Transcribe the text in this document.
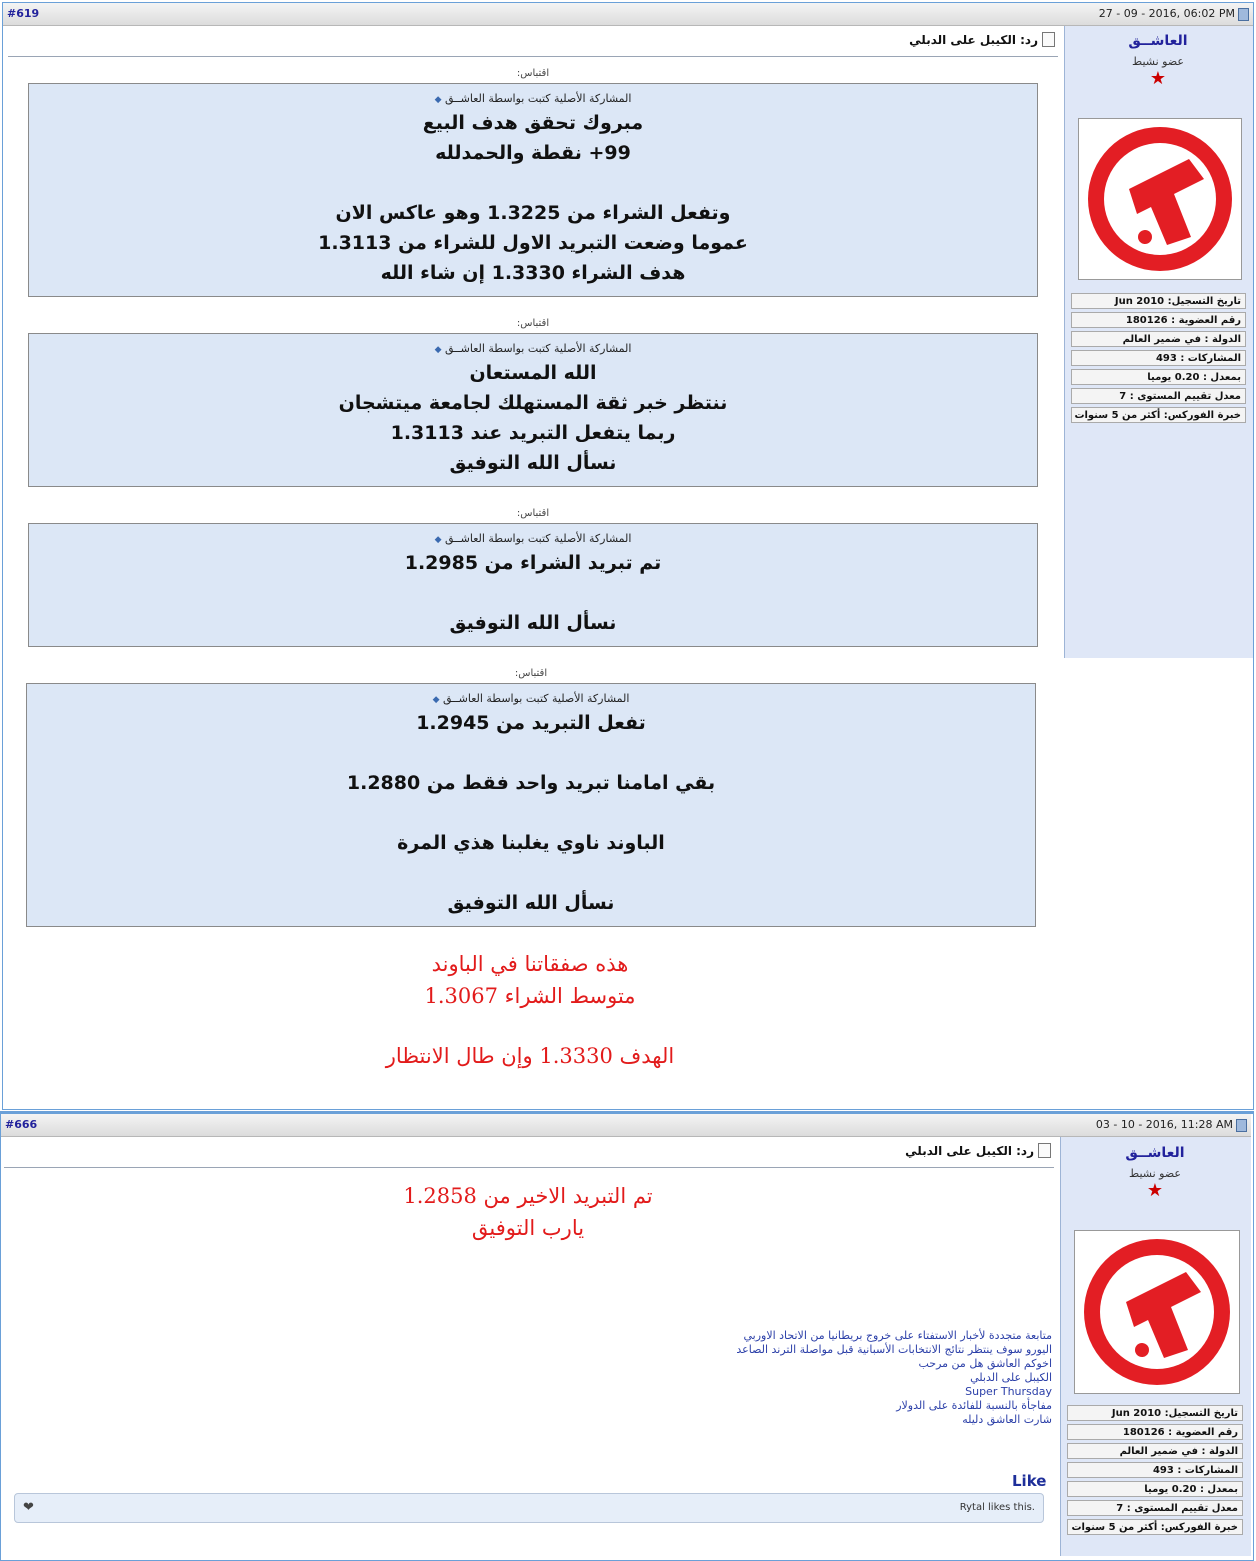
#619	27 - 09 - 2016, 06:02 PM
العاشــق
عضو نشيط
★
تاريخ التسجيل: Jun 2010
رقم العضوية : 180126
الدولة : في ضمير العالم
المشاركات : 493
بمعدل : 0.20 يوميا
معدل تقييم المستوى : 7
خبرة الفوركس: أكثر من 5 سنوات
رد: الكيبل على الدبلي
اقتباس:
المشاركة الأصلية كتبت بواسطة العاشــق ◆
مبروك تحقق هدف البيع
99+ نقطة والحمدلله
وتفعل الشراء من 1.3225 وهو عاكس الان
عموما وضعت التبريد الاول للشراء من 1.3113
هدف الشراء 1.3330 إن شاء الله
اقتباس:
المشاركة الأصلية كتبت بواسطة العاشــق ◆
الله المستعان
ننتظر خبر ثقة المستهلك لجامعة ميتشجان
ربما يتفعل التبريد عند 1.3113
نسأل الله التوفيق
اقتباس:
المشاركة الأصلية كتبت بواسطة العاشــق ◆
تم تبريد الشراء من 1.2985
نسأل الله التوفيق
اقتباس:
المشاركة الأصلية كتبت بواسطة العاشــق ◆
تفعل التبريد من 1.2945
بقي امامنا تبريد واحد فقط من 1.2880
الباوند ناوي يغلبنا هذي المرة
نسأل الله التوفيق
هذه صفقاتنا في الباوند
متوسط الشراء 1.3067
الهدف 1.3330 وإن طال الانتظار
#666	03 - 10 - 2016, 11:28 AM
العاشــق
عضو نشيط
★
تاريخ التسجيل: Jun 2010
رقم العضوية : 180126
الدولة : في ضمير العالم
المشاركات : 493
بمعدل : 0.20 يوميا
معدل تقييم المستوى : 7
خبرة الفوركس: أكثر من 5 سنوات
رد: الكيبل على الدبلي
تم التبريد الاخير من 1.2858
يارب التوفيق
متابعة متجددة لأخبار الاستفتاء على خروج بريطانيا من الاتحاد الاوربي
اليورو سوف ينتظر نتائج الانتخابات الأسبانية قبل مواصلة الترند الصاعد
اخوكم العاشق هل من مرحب
الكيبل على الدبلي
Super Thursday
مفاجأة بالنسبة للفائدة على الدولار
شارت العاشق دليله
Like
Rytal likes this.
❤
